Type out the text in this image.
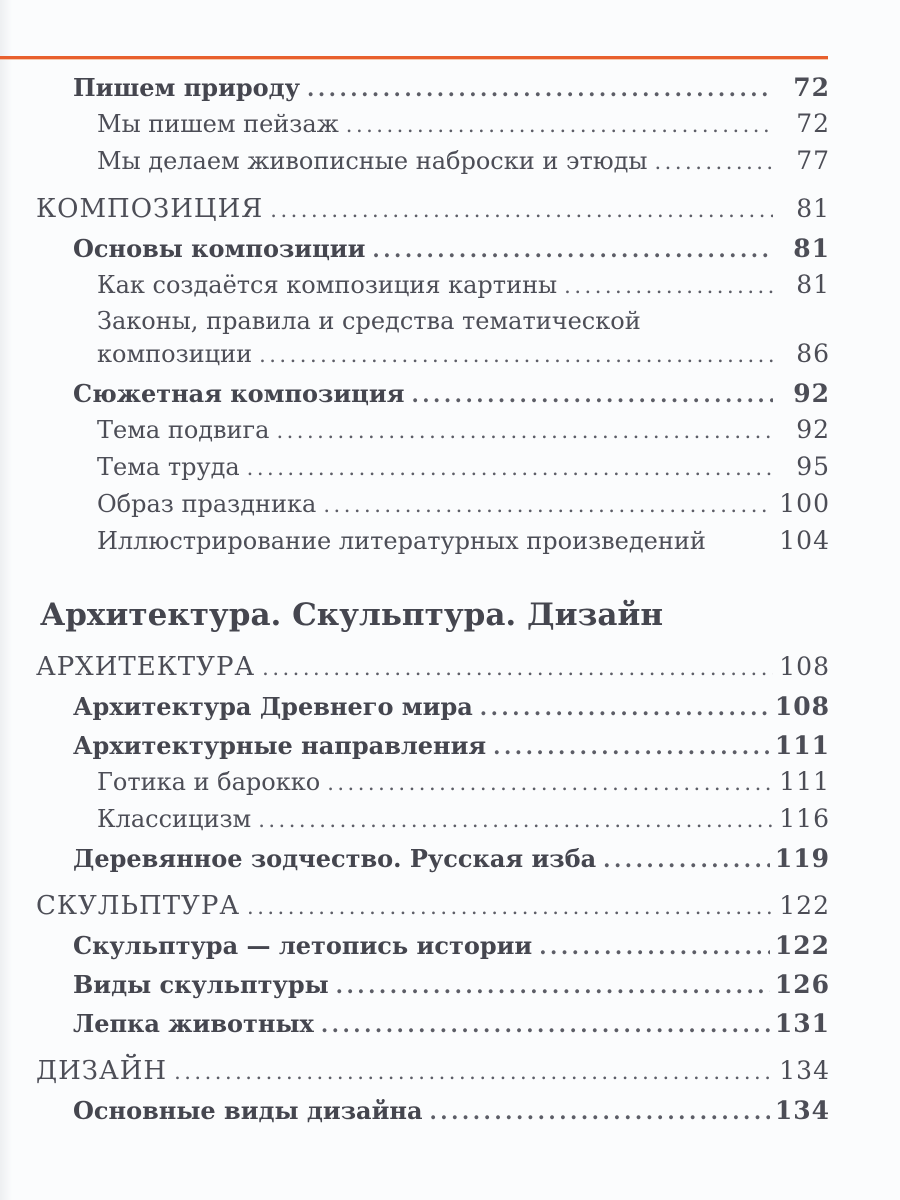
Пишем природу .....	72
Мы пишем пейзаж .....	72
Мы делаем живописные наброски и этюды .....	77
КОМПОЗИЦИЯ .....	81
Основы композиции .....	81
Как создаётся композиция картины .....	81
Законы, правила и средства тематической
композиции .....	86
Сюжетная композиция .....	92
Тема подвига .....	92
Тема труда .....	95
Образ праздника .....	100
Иллюстрирование литературных произведений	104
Архитектура. Скульптура. Дизайн
АРХИТЕКТУРА .....	108
Архитектура Древнего мира .....	108
Архитектурные направления .....	111
Готика и барокко .....	111
Классицизм .....	116
Деревянное зодчество. Русская изба .....	119
СКУЛЬПТУРА .....	122
Скульптура — летопись истории .....	122
Виды скульптуры .....	126
Лепка животных .....	131
ДИЗАЙН .....	134
Основные виды дизайна .....	134
